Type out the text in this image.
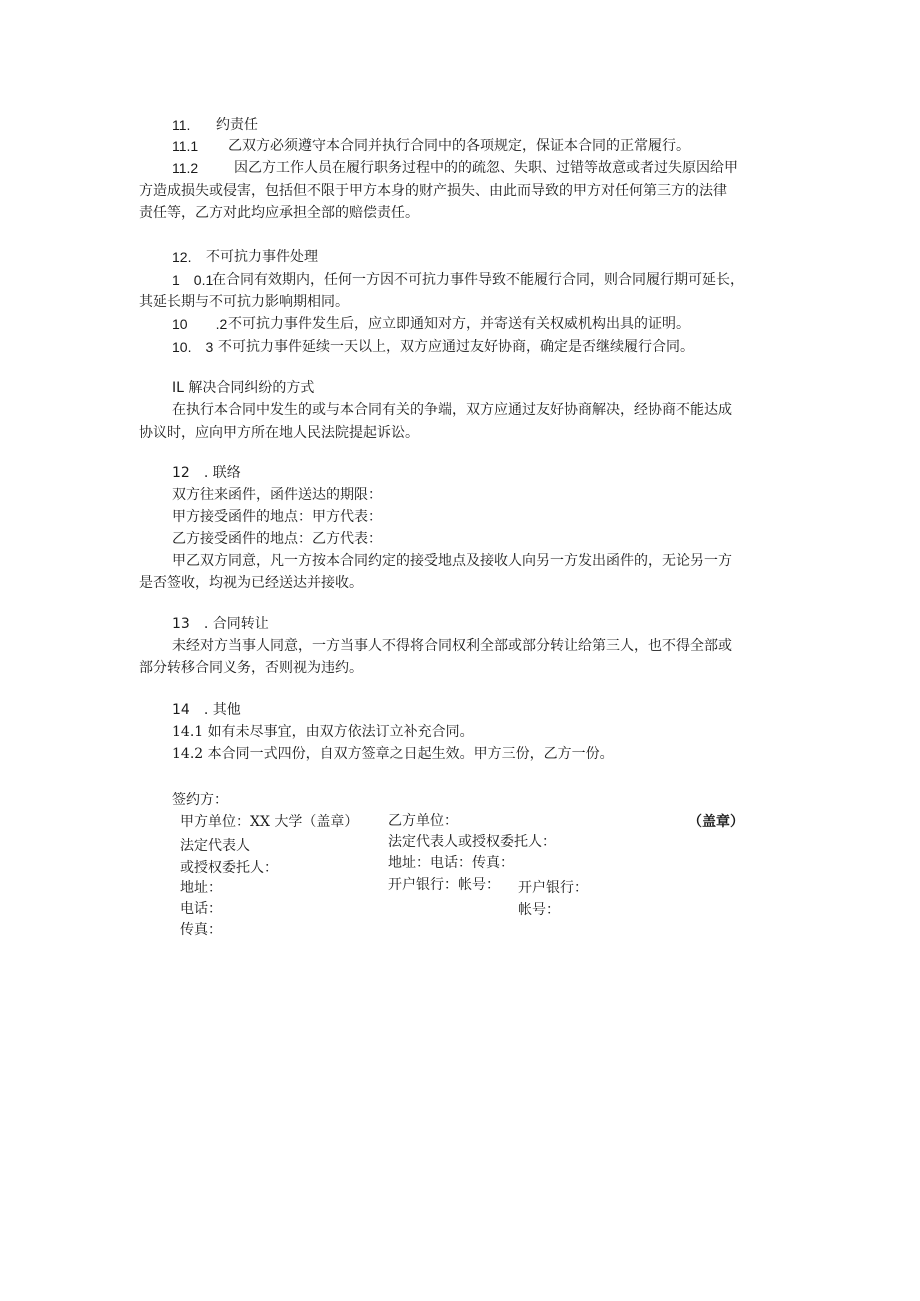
11. 约责任
11.1 乙双方必须遵守本合同并执行合同中的各项规定，保证本合同的正常履行。
11.2	因乙方工作人员在履行职务过程中的的疏忽、失职、过错等故意或者过失原因给甲
方造成损失或侵害，包括但不限于甲方本身的财产损失、由此而导致的甲方对任何第三方的法律
责任等，乙方对此均应承担全部的赔偿责任。
12. 不可抗力事件处理
1　0.1
在合同有效期内，任何一方因不可抗力事件导致不能履行合同，则合同履行期可延长，
其延长期与不可抗力影响期相同。
10　　.2 不可抗力事件发生后，应立即通知对方，并寄送有关权威机构出具的证明。
10.　3 不可抗力事件延续一天以上，双方应通过友好协商，确定是否继续履行合同。
IL 解决合同纠纷的方式
在执行本合同中发生的或与本合同有关的争端，双方应通过友好协商解决，经协商不能达成
协议时，应向甲方所在地人民法院提起诉讼。
12　. 联络
双方往来函件，函件送达的期限：
甲方接受函件的地点：甲方代表：
乙方接受函件的地点：乙方代表：
甲乙双方同意，凡一方按本合同约定的接受地点及接收人向另一方发出函件的，无论另一方
是否签收，均视为已经送达并接收。
13　. 合同转让
未经对方当事人同意，一方当事人不得将合同权利全部或部分转让给第三人，也不得全部或
部分转移合同义务，否则视为违约。
14　. 其他
14.1 如有未尽事宜，由双方依法订立补充合同。
14.2 本合同一式四份，自双方签章之日起生效。甲方三份，乙方一份。
签约方：
甲方单位：XX 大学（盖章）
法定代表人
或授权委托人：
地址：
电话：
传真：
乙方单位：	（盖章）
法定代表人或授权委托人：
地址：电话：传真：
开户银行：帐号： 开户银行：
帐号：
